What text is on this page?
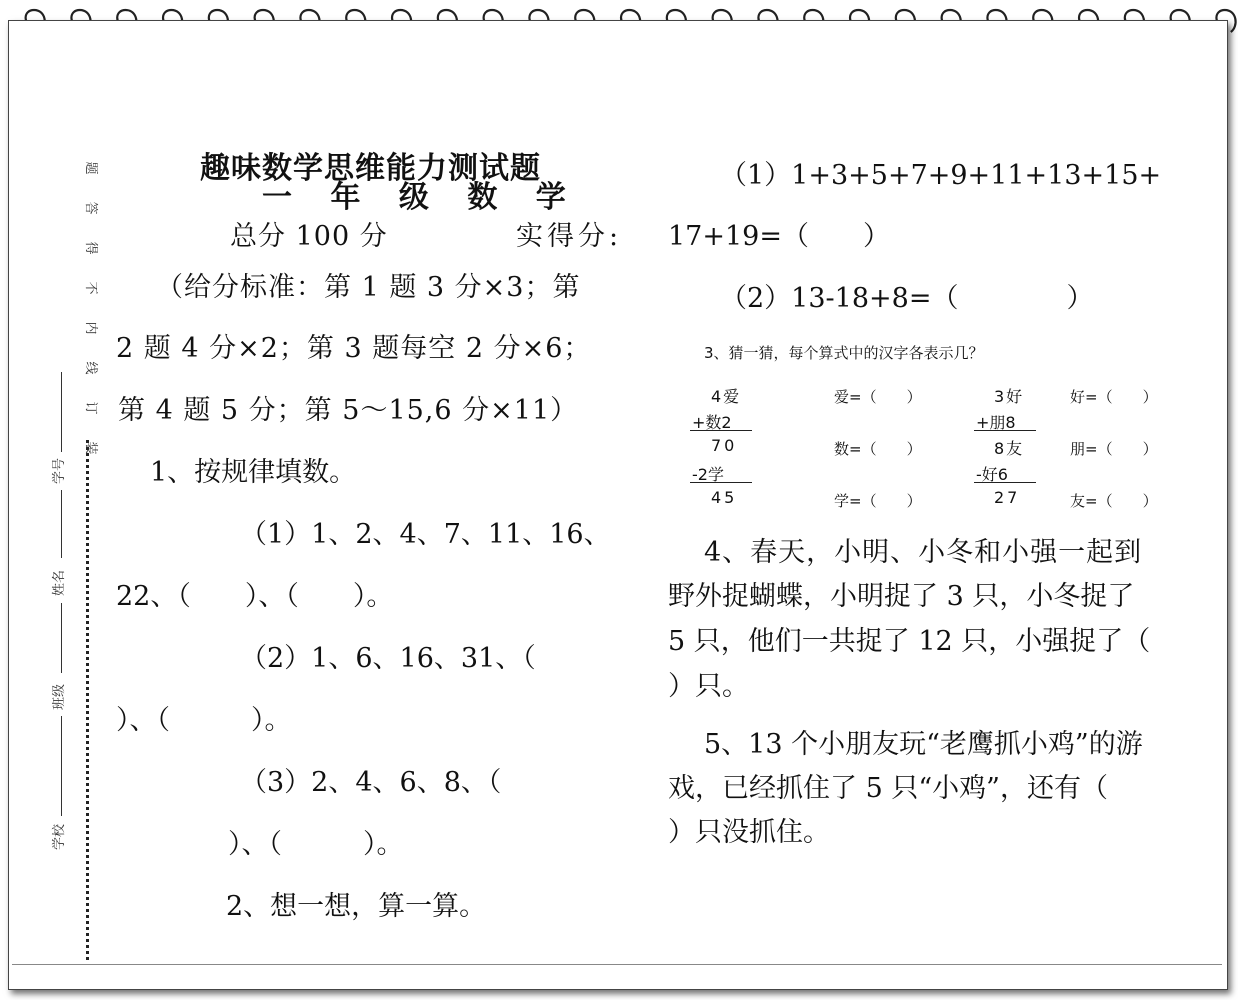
题
答
得
不
内
线
订
装
学号
姓名
班级
学校
趣味数学思维能力测试题
一 年 级 数 学
总分 100 分	实得分:
（给分标准：第 1 题 3 分×3；第
2 题 4 分×2；第 3 题每空 2 分×6；
第 4 题 5 分；第 5～15,6 分×11）
1、按规律填数。
（1）1、2、4、7、11、16、
22、（　　）、（　　）。
（2）1、6、16、31、（
）、（　　　）。
（3）2、4、6、8、（
）、（　　　）。
2、想一想，算一算。
（1）1+3+5+7+9+11+13+15+
17+19=（　　）
（2）13-18+8=（　　　　）
3、猜一猜，每个算式中的汉字各表示几？
4爱
+数2
70
-2学
45
爱=（　　）
数=（　　）
学=（　　）
3好
+朋8
8友
-好6
27
好=（　　）
朋=（　　）
友=（　　）
4、春天，小明、小冬和小强一起到
野外捉蝴蝶，小明捉了 3 只，小冬捉了
5 只，他们一共捉了 12 只，小强捉了（
）只。
5、13 个小朋友玩“老鹰抓小鸡”的游
戏，已经抓住了 5 只“小鸡”，还有（
）只没抓住。
